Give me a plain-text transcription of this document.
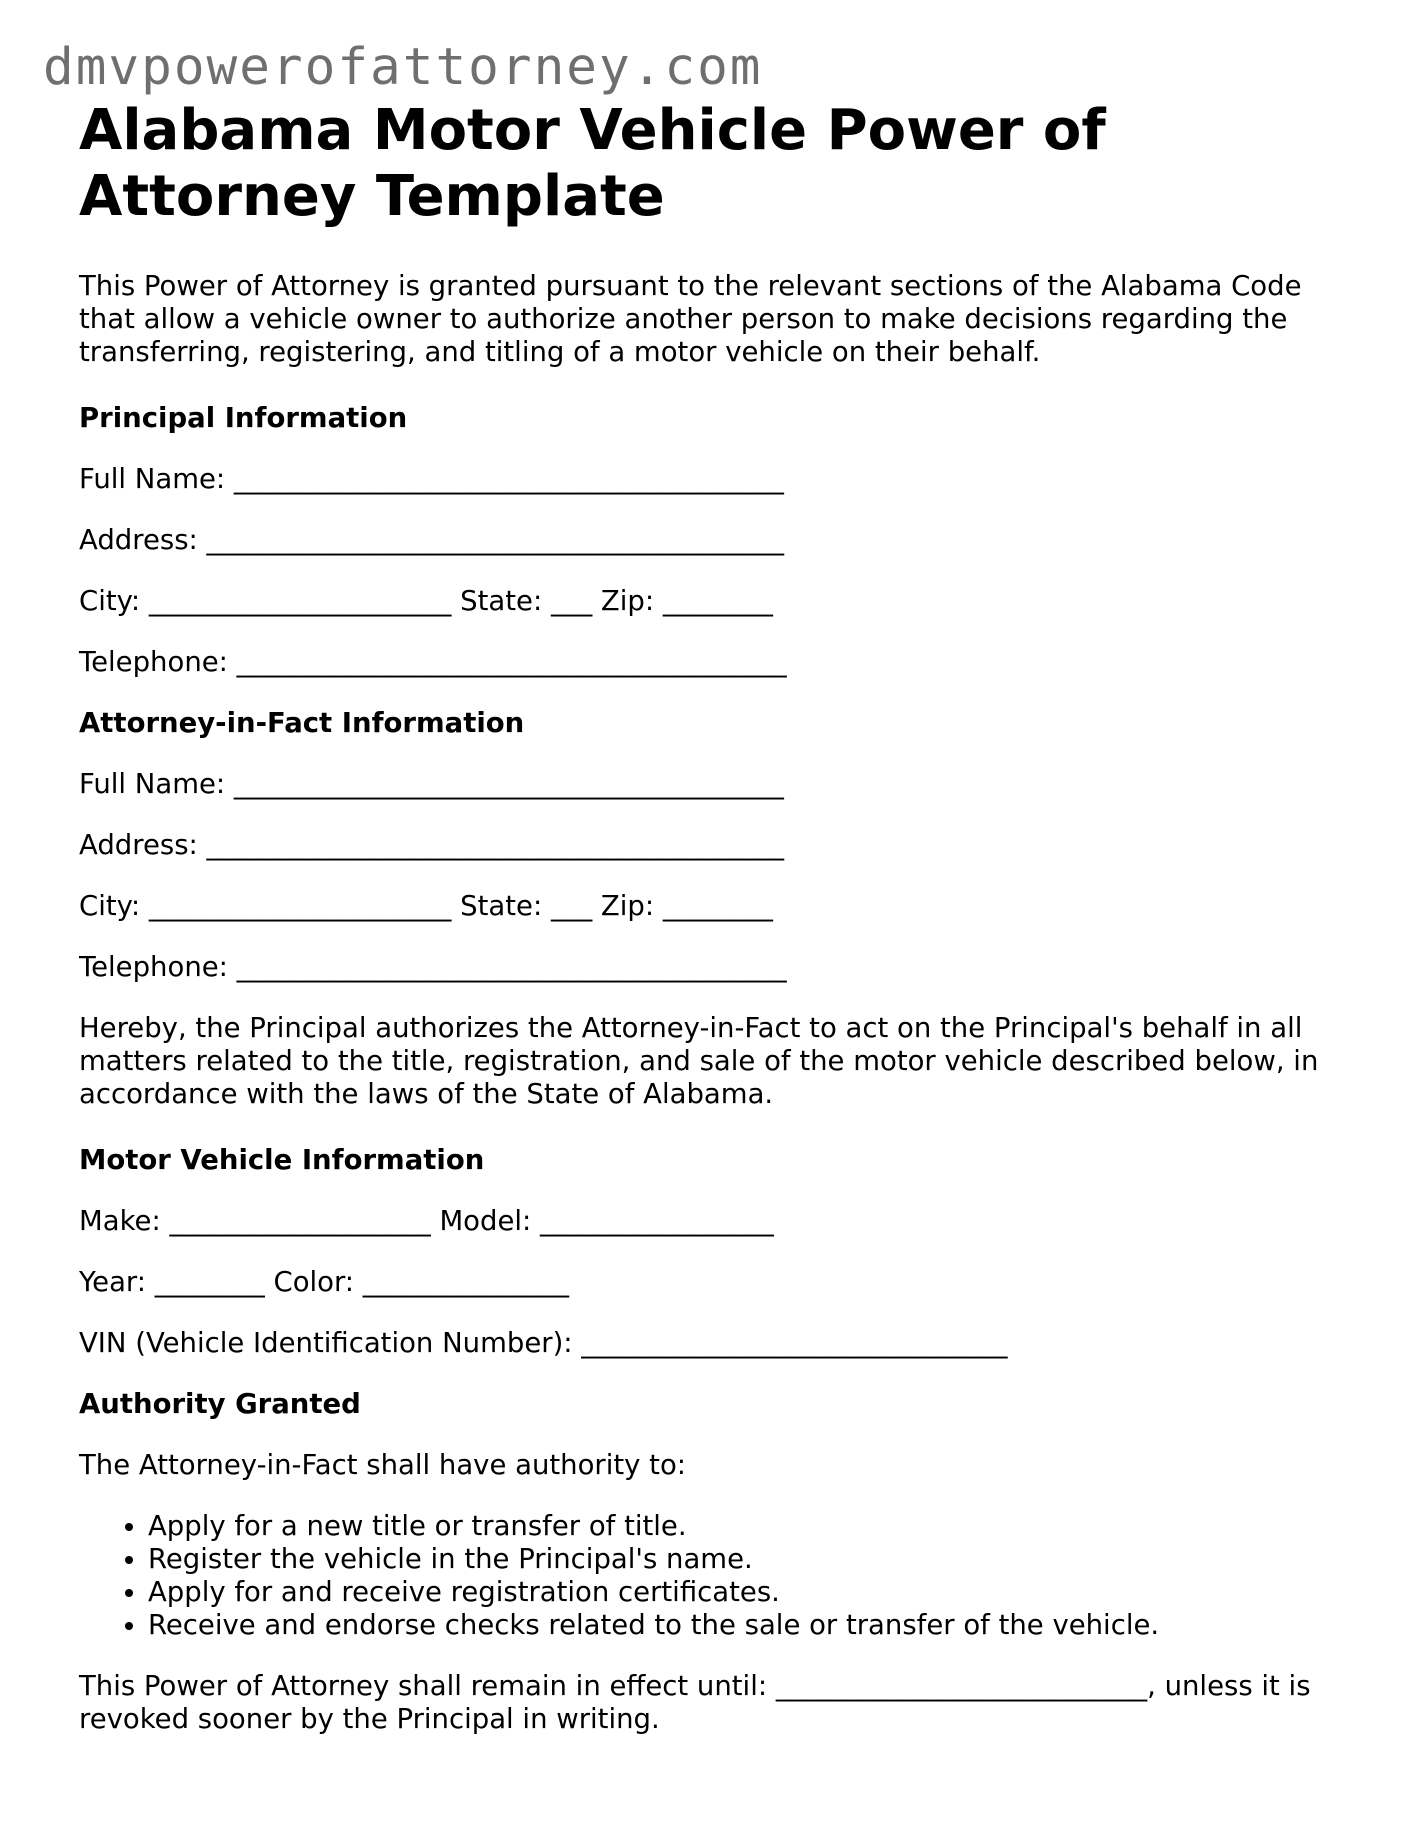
dmvpowerofattorney.com
Alabama Motor Vehicle Power of Attorney Template

This Power of Attorney is granted pursuant to the relevant sections of the Alabama Code that allow a vehicle owner to authorize another person to make decisions regarding the transferring, registering, and titling of a motor vehicle on their behalf.

Principal Information
Full Name: ________________________________________
Address: __________________________________________
City: ______________________ State: ___ Zip: ________
Telephone: ________________________________________
Attorney-in-Fact Information
Full Name: ________________________________________
Address: __________________________________________
City: ______________________ State: ___ Zip: ________
Telephone: ________________________________________

Hereby, the Principal authorizes the Attorney-in-Fact to act on the Principal's behalf in all matters related to the title, registration, and sale of the motor vehicle described below, in accordance with the laws of the State of Alabama.

Motor Vehicle Information
Make: ___________________ Model: _________________
Year: ________ Color: _______________
VIN (Vehicle Identification Number): _______________________________
Authority Granted

The Attorney-in-Fact shall have authority to:

• Apply for a new title or transfer of title.
• Register the vehicle in the Principal's name.
• Apply for and receive registration certificates.
• Receive and endorse checks related to the sale or transfer of the vehicle.

This Power of Attorney shall remain in effect until: ___________________________, unless it is revoked sooner by the Principal in writing.
